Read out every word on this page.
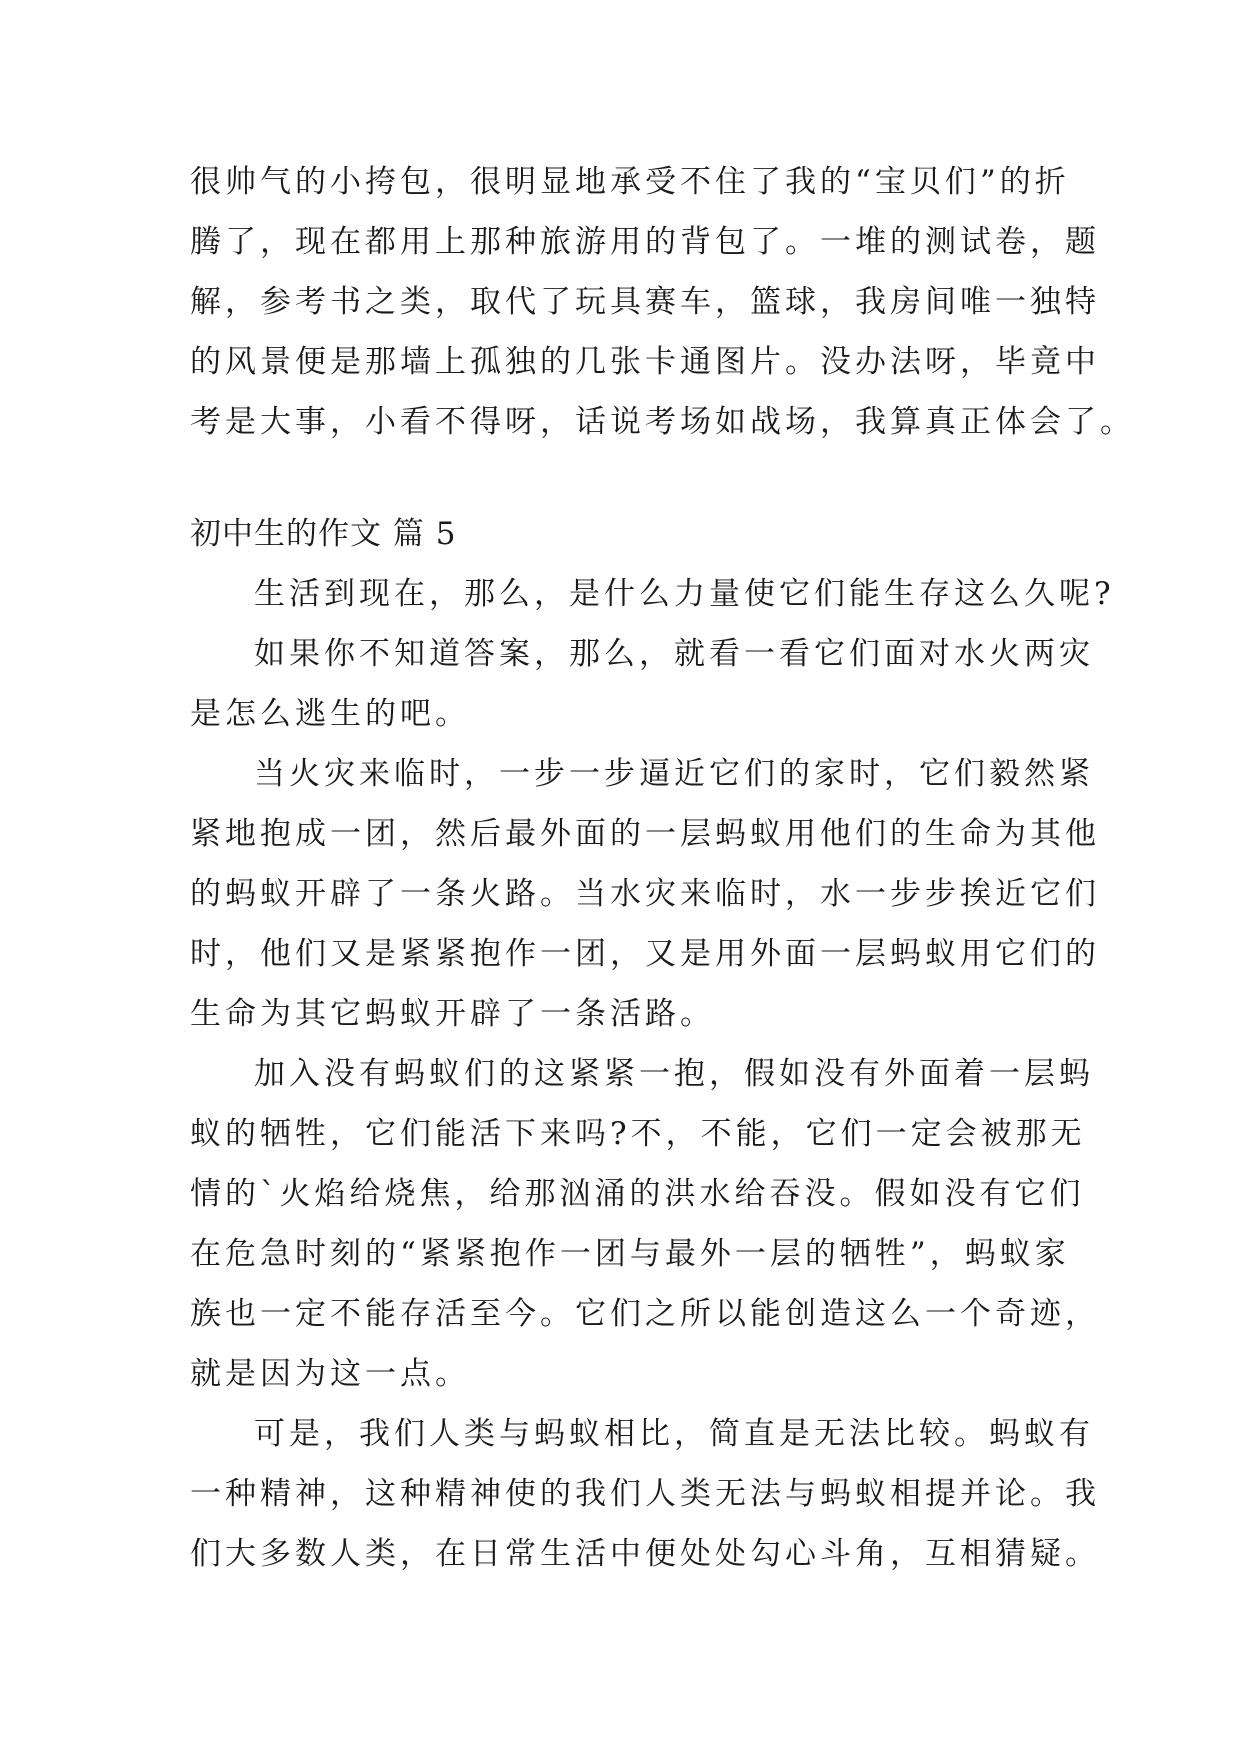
很帅气的小挎包，很明显地承受不住了我的“宝贝们”的折
腾了，现在都用上那种旅游用的背包了。一堆的测试卷，题
解，参考书之类，取代了玩具赛车，篮球，我房间唯一独特
的风景便是那墙上孤独的几张卡通图片。没办法呀，毕竟中
考是大事，小看不得呀，话说考场如战场，我算真正体会了。
初中生的作文 篇 5
生活到现在，那么，是什么力量使它们能生存这么久呢?
如果你不知道答案，那么，就看一看它们面对水火两灾
是怎么逃生的吧。
当火灾来临时，一步一步逼近它们的家时，它们毅然紧
紧地抱成一团，然后最外面的一层蚂蚁用他们的生命为其他
的蚂蚁开辟了一条火路。当水灾来临时，水一步步挨近它们
时，他们又是紧紧抱作一团，又是用外面一层蚂蚁用它们的
生命为其它蚂蚁开辟了一条活路。
加入没有蚂蚁们的这紧紧一抱，假如没有外面着一层蚂
蚁的牺牲，它们能活下来吗?不，不能，它们一定会被那无
情的`火焰给烧焦，给那汹涌的洪水给吞没。假如没有它们
在危急时刻的“紧紧抱作一团与最外一层的牺牲”，蚂蚁家
族也一定不能存活至今。它们之所以能创造这么一个奇迹，
就是因为这一点。
可是，我们人类与蚂蚁相比，简直是无法比较。蚂蚁有
一种精神，这种精神使的我们人类无法与蚂蚁相提并论。我
们大多数人类，在日常生活中便处处勾心斗角，互相猜疑。
